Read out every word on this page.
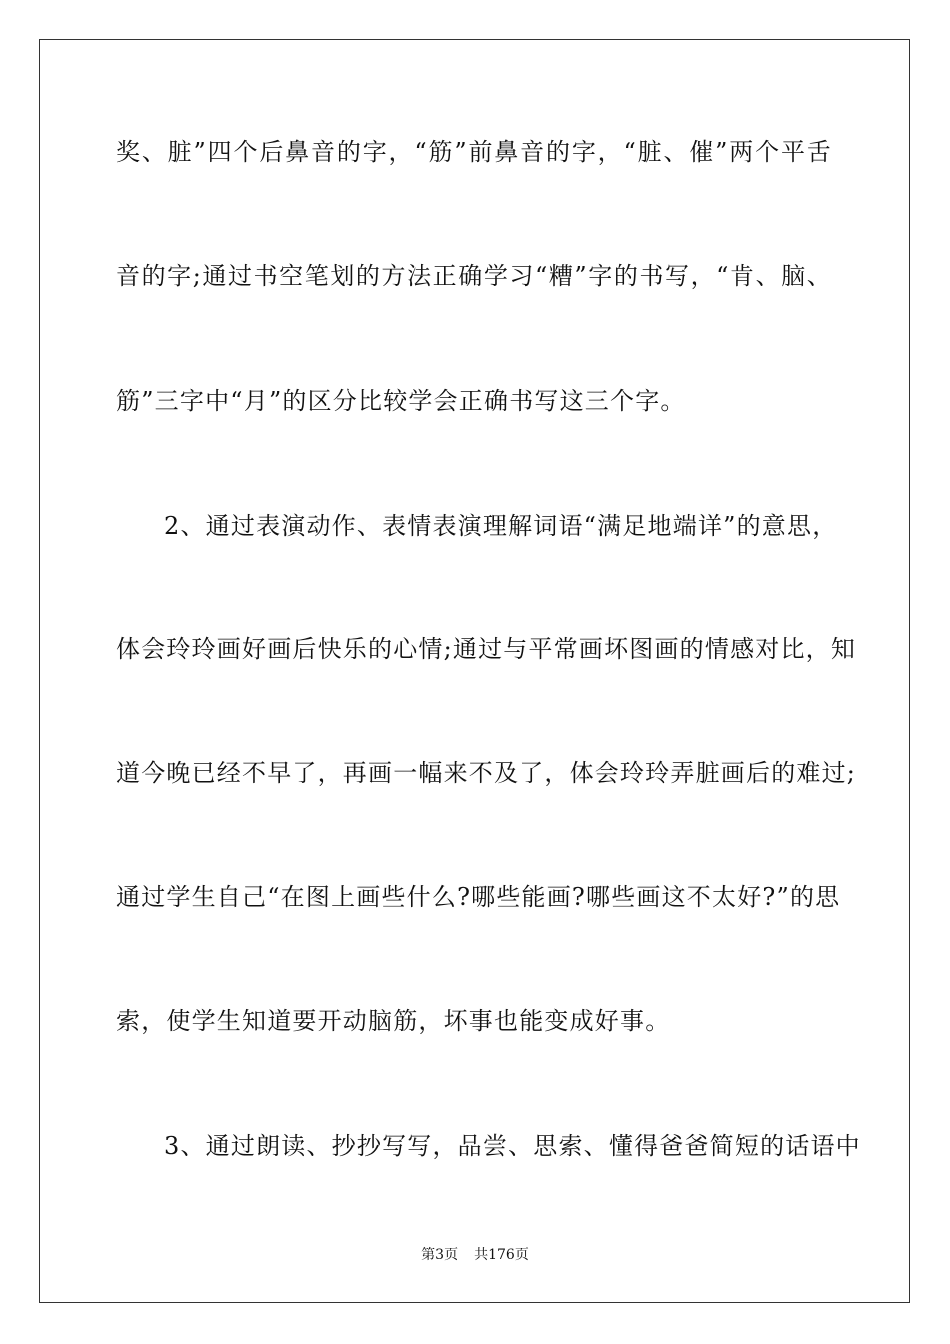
奖、脏”四个后鼻音的字，“筋”前鼻音的字，“脏、催”两个平舌
音的字;通过书空笔划的方法正确学习“糟”字的书写，“肯、脑、
筋”三字中“月”的区分比较学会正确书写这三个字。
2、通过表演动作、表情表演理解词语“满足地端详”的意思，
体会玲玲画好画后快乐的心情;通过与平常画坏图画的情感对比，知
道今晚已经不早了，再画一幅来不及了，体会玲玲弄脏画后的难过;
通过学生自己“在图上画些什么?哪些能画?哪些画这不太好?”的思
索，使学生知道要开动脑筋，坏事也能变成好事。
3、通过朗读、抄抄写写，品尝、思索、懂得爸爸简短的话语中
第3页 共176页
